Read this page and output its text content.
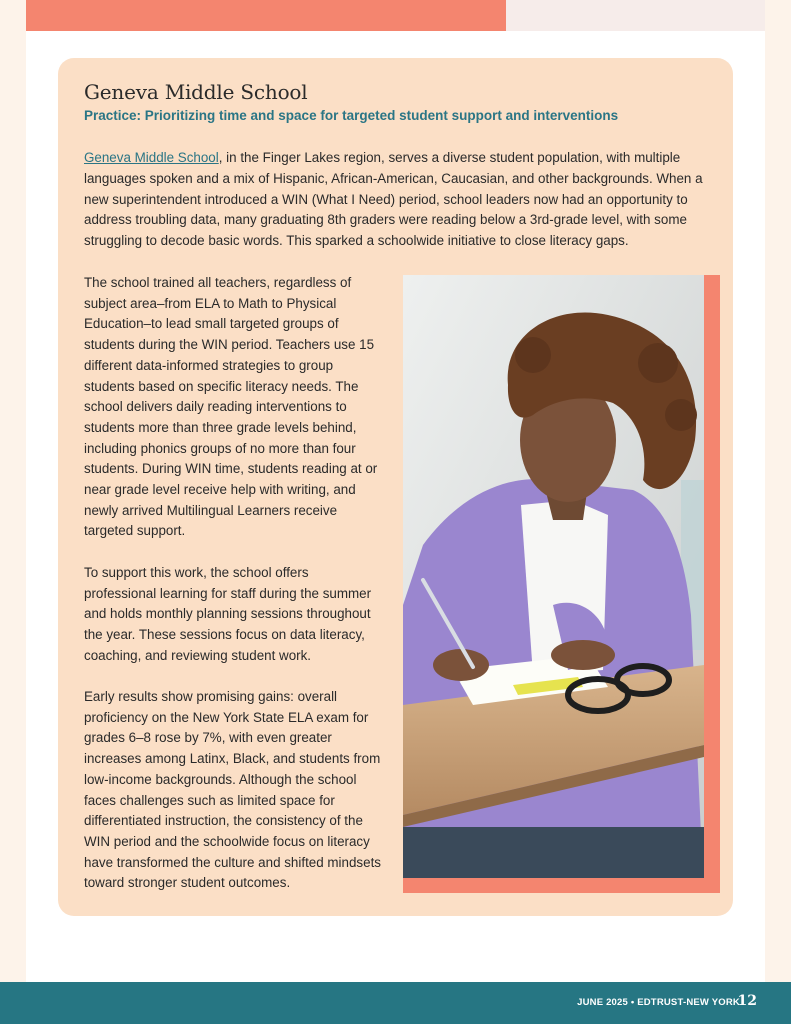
Geneva Middle School

Practice: Prioritizing time and space for targeted student support and interventions

Geneva Middle School, in the Finger Lakes region, serves a diverse student population, with multiple languages spoken and a mix of Hispanic, African-American, Caucasian, and other backgrounds. When a new superintendent introduced a WIN (What I Need) period, school leaders now had an opportunity to address troubling data, many graduating 8th graders were reading below a 3rd-grade level, with some struggling to decode basic words. This sparked a schoolwide initiative to close literacy gaps.

The school trained all teachers, regardless of subject area–from ELA to Math to Physical Education–to lead small targeted groups of students during the WIN period. Teachers use 15 different data-informed strategies to group students based on specific literacy needs. The school delivers daily reading interventions to students more than three grade levels behind, including phonics groups of no more than four students. During WIN time, students reading at or near grade level receive help with writing, and newly arrived Multilingual Learners receive targeted support.

To support this work, the school offers professional learning for staff during the summer and holds monthly planning sessions throughout the year. These sessions focus on data literacy, coaching, and reviewing student work.

Early results show promising gains: overall proficiency on the New York State ELA exam for grades 6–8 rose by 7%, with even greater increases among Latinx, Black, and students from low-income backgrounds. Although the school faces challenges such as limited space for differentiated instruction, the consistency of the WIN period and the schoolwide focus on literacy have transformed the culture and shifted mindsets toward stronger student outcomes.

JUNE 2025 • EDTRUST-NEW YORK
12
